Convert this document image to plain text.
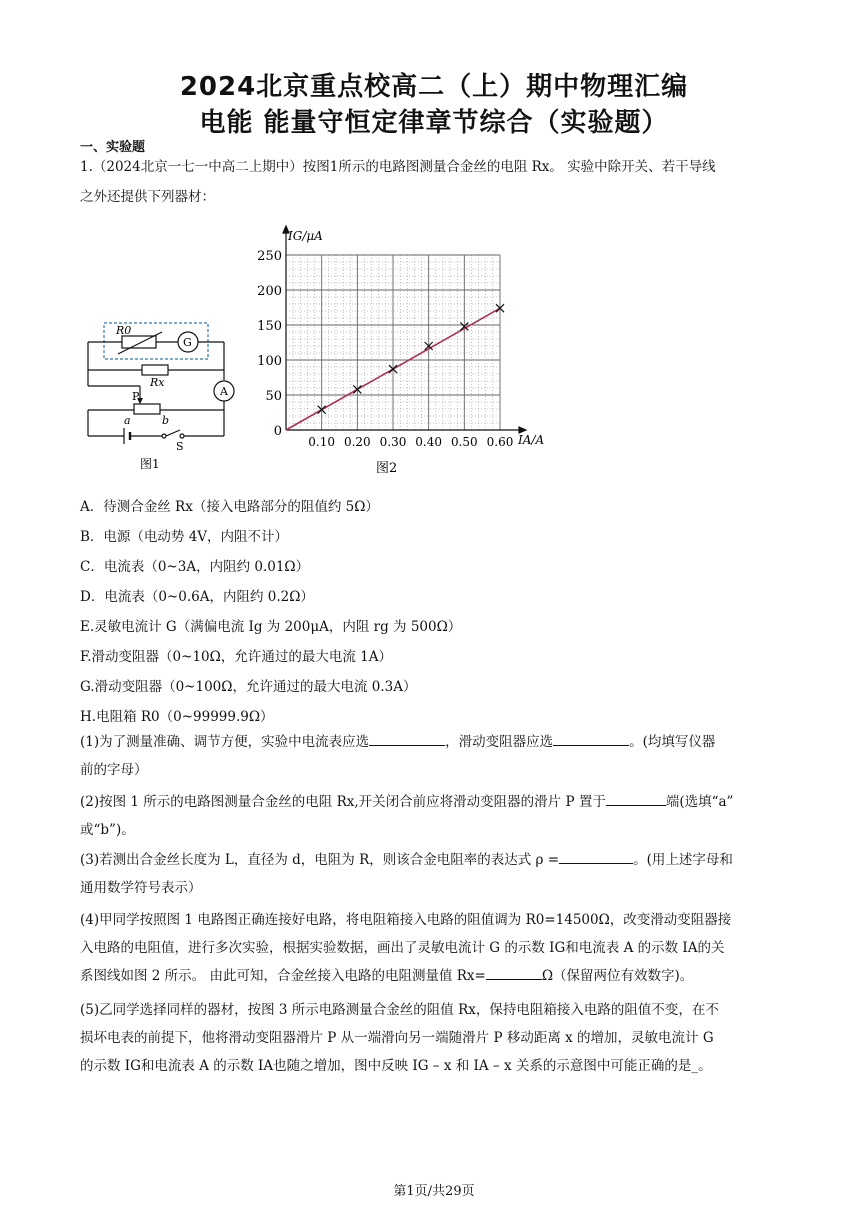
2024北京重点校高二（上）期中物理汇编
电能 能量守恒定律章节综合（实验题）
一、实验题
1.（2024北京一七一中高二上期中）按图1所示的电路图测量合金丝的电阻 Rx。 实验中除开关、若干导线
之外还提供下列器材：
R0
G
Rx
A
P
a	b
S
图1
0
50
100
150
200
250
0.10 0.20 0.30 0.40 0.50 0.60
IG/μA
IA/A
图2
A．待测合金丝 Rx（接入电路部分的阻值约 5Ω）
B．电源（电动势 4V，内阻不计）
C．电流表（0~3A，内阻约 0.01Ω）
D．电流表（0~0.6A，内阻约 0.2Ω）
E.灵敏电流计 G（满偏电流 Ig 为 200μA，内阻 rg 为 500Ω）
F.滑动变阻器（0~10Ω，允许通过的最大电流 1A）
G.滑动变阻器（0~100Ω，允许通过的最大电流 0.3A）
H.电阻箱 R0（0~99999.9Ω）
(1)为了测量准确、调节方便，实验中电流表应选	，滑动变阻器应选	。(均填写仪器
前的字母）
(2)按图 1 所示的电路图测量合金丝的电阻 Rx,开关闭合前应将滑动变阻器的滑片 P 置于	端(选填“a”
或“b”)。
(3)若测出合金丝长度为 L，直径为 d，电阻为 R，则该合金电阻率的表达式 ρ =	。(用上述字母和
通用数学符号表示）
(4)甲同学按照图 1 电路图正确连接好电路，将电阻箱接入电路的阻值调为 R0=14500Ω，改变滑动变阻器接
入电路的电阻值，进行多次实验，根据实验数据，画出了灵敏电流计 G 的示数 IG和电流表 A 的示数 IA的关
系图线如图 2 所示。 由此可知，合金丝接入电路的电阻测量值 Rx=	Ω（保留两位有效数字)。
(5)乙同学选择同样的器材，按图 3 所示电路测量合金丝的阻值 Rx，保持电阻箱接入电路的阻值不变，在不
损坏电表的前提下，他将滑动变阻器滑片 P 从一端滑向另一端随滑片 P 移动距离 x 的增加，灵敏电流计 G
的示数 IG和电流表 A 的示数 IA也随之增加，图中反映 IG – x 和 IA – x 关系的示意图中可能正确的是_。
第1页/共29页
